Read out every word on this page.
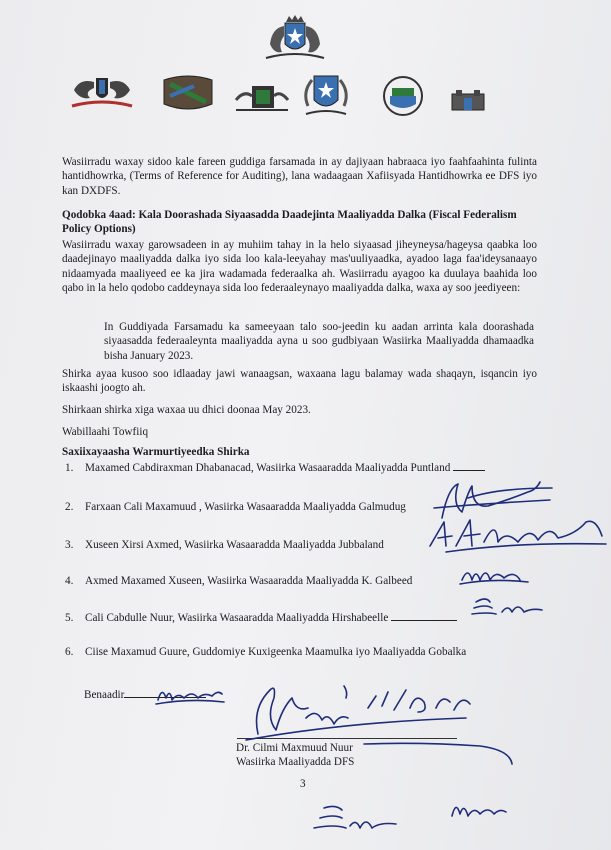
Wasiirradu waxay sidoo kale fareen guddiga farsamada in ay dajiyaan habraaca iyo faahfaahinta fulinta hantidhowrka, (Terms of Reference for Auditing), lana wadaagaan Xafiisyada Hantidhowrka ee DFS iyo kan DXDFS.
Qodobka 4aad: Kala Doorashada Siyaasadda Daadejinta Maaliyadda Dalka (Fiscal Federalism Policy Options)
Wasiirradu waxay garowsadeen in ay muhiim tahay in la helo siyaasad jiheyneysa/hageysa qaabka loo daadejinayo maaliyadda dalka iyo sida loo kala-leeyahay mas'uuliyaadka, ayadoo laga faa'ideysanaayo nidaamyada maaliyeed ee ka jira wadamada federaalka ah. Wasiirradu ayagoo ka duulaya baahida loo qabo in la helo qodobo caddeynaya sida loo federaaleynayo maaliyadda dalka, waxa ay soo jeediyeen:
In Guddiyada Farsamadu ka sameeyaan talo soo-jeedin ku aadan arrinta kala doorashada siyaasadda federaaleynta maaliyadda ayna u soo gudbiyaan Wasiirka Maaliyadda dhamaadka bisha January 2023.
Shirka ayaa kusoo soo idlaaday jawi wanaagsan, waxaana lagu balamay wada shaqayn, isqancin iyo iskaashi joogto ah.
Shirkaan shirka xiga waxaa uu dhici doonaa May 2023.
Wabillaahi Towfiiq
Saxiixayaasha Warmurtiyeedka Shirka
1. Maxamed Cabdiraxman Dhabanacad, Wasiirka Wasaaradda Maaliyadda Puntland
2. Farxaan Cali Maxamuud , Wasiirka Wasaaradda Maaliyadda Galmudug
3. Xuseen Xirsi Axmed, Wasiirka Wasaaradda Maaliyadda Jubbaland
4. Axmed Maxamed Xuseen, Wasiirka Wasaaradda Maaliyadda K. Galbeed
5. Cali Cabdulle Nuur, Wasiirka Wasaaradda Maaliyadda Hirshabeelle
6. Ciise Maxamud Guure, Guddomiye Kuxigeenka Maamulka iyo Maaliyadda Gobalka
Benaadir
Dr. Cilmi Maxmuud Nuur
Wasiirka Maaliyadda DFS
3
